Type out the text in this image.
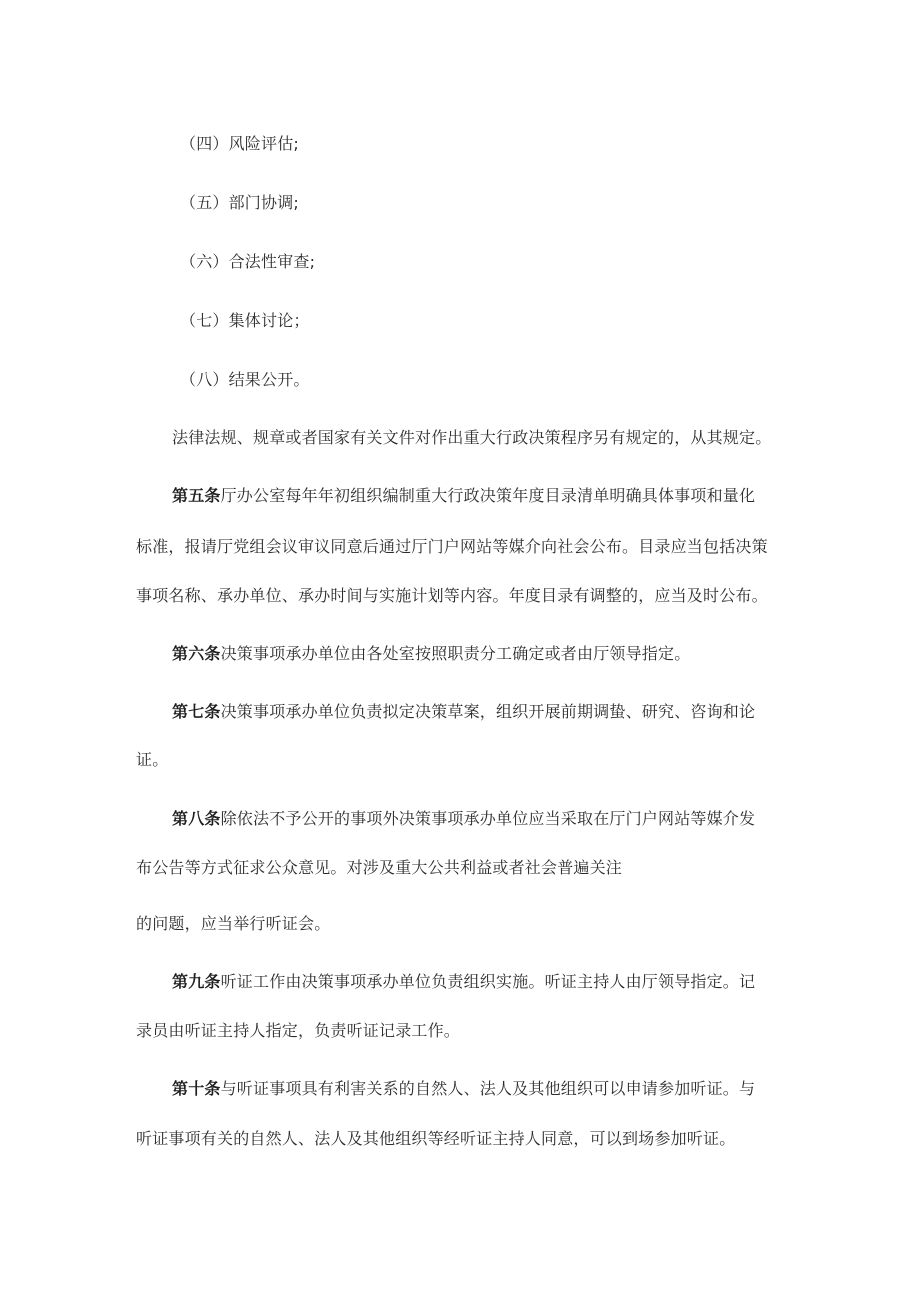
（四）风险评估;
（五）部门协调;
（六）合法性审查;
（七）集体讨论；
（八）结果公开。
法律法规、规章或者国家有关文件对作出重大行政决策程序另有规定的，从其规定。
第五条厅办公室每年年初组织编制重大行政决策年度目录清单明确具体事项和量化
标准，报请厅党组会议审议同意后通过厅门户网站等媒介向社会公布。目录应当包括决策
事项名称、承办单位、承办时间与实施计划等内容。年度目录有调整的，应当及时公布。
第六条决策事项承办单位由各处室按照职责分工确定或者由厅领导指定。
第七条决策事项承办单位负责拟定决策草案，组织开展前期调蛰、研究、咨询和论
证。
第八条除依法不予公开的事项外决策事项承办单位应当采取在厅门户网站等媒介发
布公告等方式征求公众意见。对涉及重大公共利益或者社会普遍关注
的问题，应当举行听证会。
第九条听证工作由决策事项承办单位负责组织实施。听证主持人由厅领导指定。记
录员由听证主持人指定，负责听证记录工作。
第十条与听证事项具有利害关系的自然人、法人及其他组织可以申请参加听证。与
听证事项有关的自然人、法人及其他组织等经听证主持人同意，可以到场参加听证。
